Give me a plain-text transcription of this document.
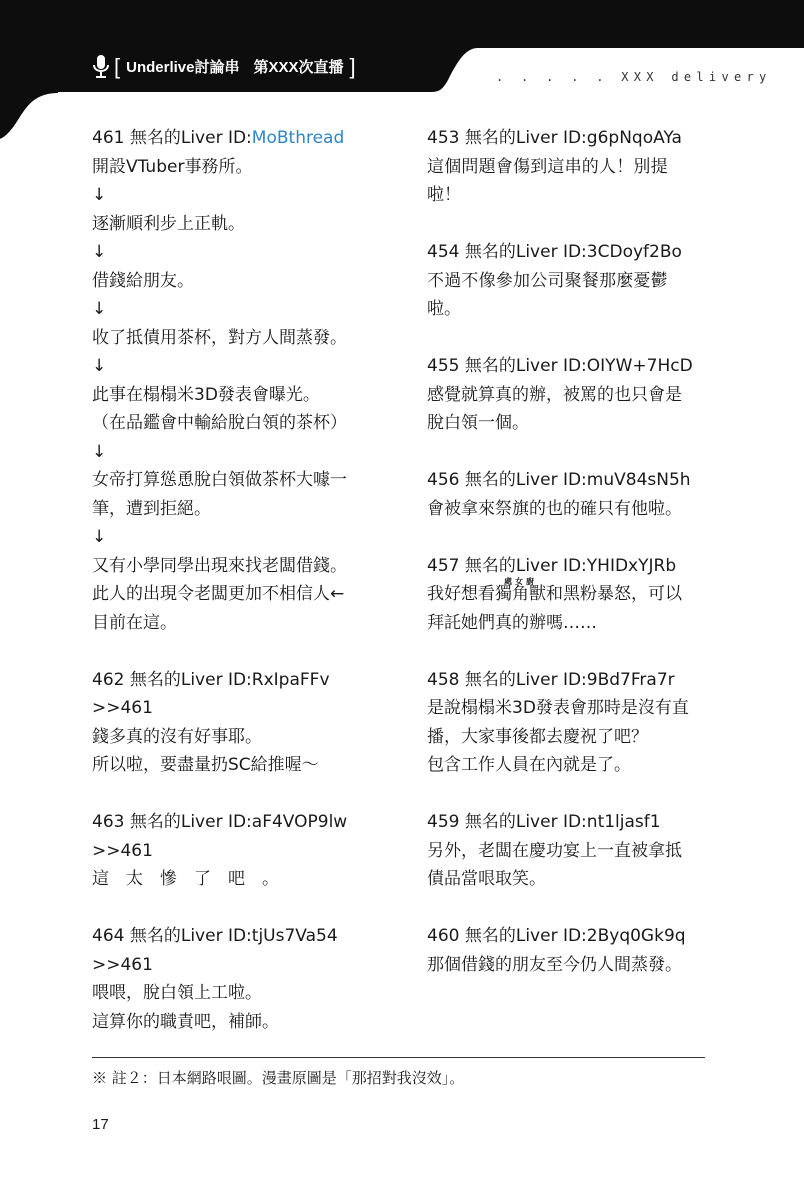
[ Underlive討論串 第XXX次直播 ]	. . . . . XXX delivery
461 無名的Liver ID:MoBthread
開設VTuber事務所。
↓
逐漸順利步上正軌。
↓
借錢給朋友。
↓
收了抵債用茶杯，對方人間蒸發。
↓
此事在榻榻米3D發表會曝光。
（在品鑑會中輸給脫白領的茶杯）
↓
女帝打算慫恿脫白領做茶杯大噱一
筆，遭到拒絕。
↓
又有小學同學出現來找老闆借錢。
此人的出現令老闆更加不相信人←
目前在這。
462 無名的Liver ID:RxIpaFFv
>>461
錢多真的沒有好事耶。
所以啦，要盡量扔SC給推喔〜
463 無名的Liver ID:aF4VOP9lw
>>461
這太慘了吧。
464 無名的Liver ID:tjUs7Va54
>>461
喂喂，脫白領上工啦。
這算你的職責吧，補師。
453 無名的Liver ID:g6pNqoAYa
這個問題會傷到這串的人！別提
啦！
454 無名的Liver ID:3CDoyf2Bo
不過不像參加公司聚餐那麼憂鬱
啦。
455 無名的Liver ID:OIYW+7HcD
感覺就算真的辦，被罵的也只會是
脫白領一個。
456 無名的Liver ID:muV84sN5h
會被拿來祭旗的也的確只有他啦。
457 無名的Liver ID:YHIDxYJRb
我好想看
處女廚
獨角獸和黑粉暴怒，可以
拜託她們真的辦嗎……
458 無名的Liver ID:9Bd7Fra7r
是說榻榻米3D發表會那時是沒有直
播，大家事後都去慶祝了吧？
包含工作人員在內就是了。
459 無名的Liver ID:nt1ljasf1
另外，老闆在慶功宴上一直被拿抵
債品當哏取笑。
460 無名的Liver ID:2Byq0Gk9q
那個借錢的朋友至今仍人間蒸發。
※ 註２：日本網路哏圖。漫畫原圖是「那招對我沒效」。
17
